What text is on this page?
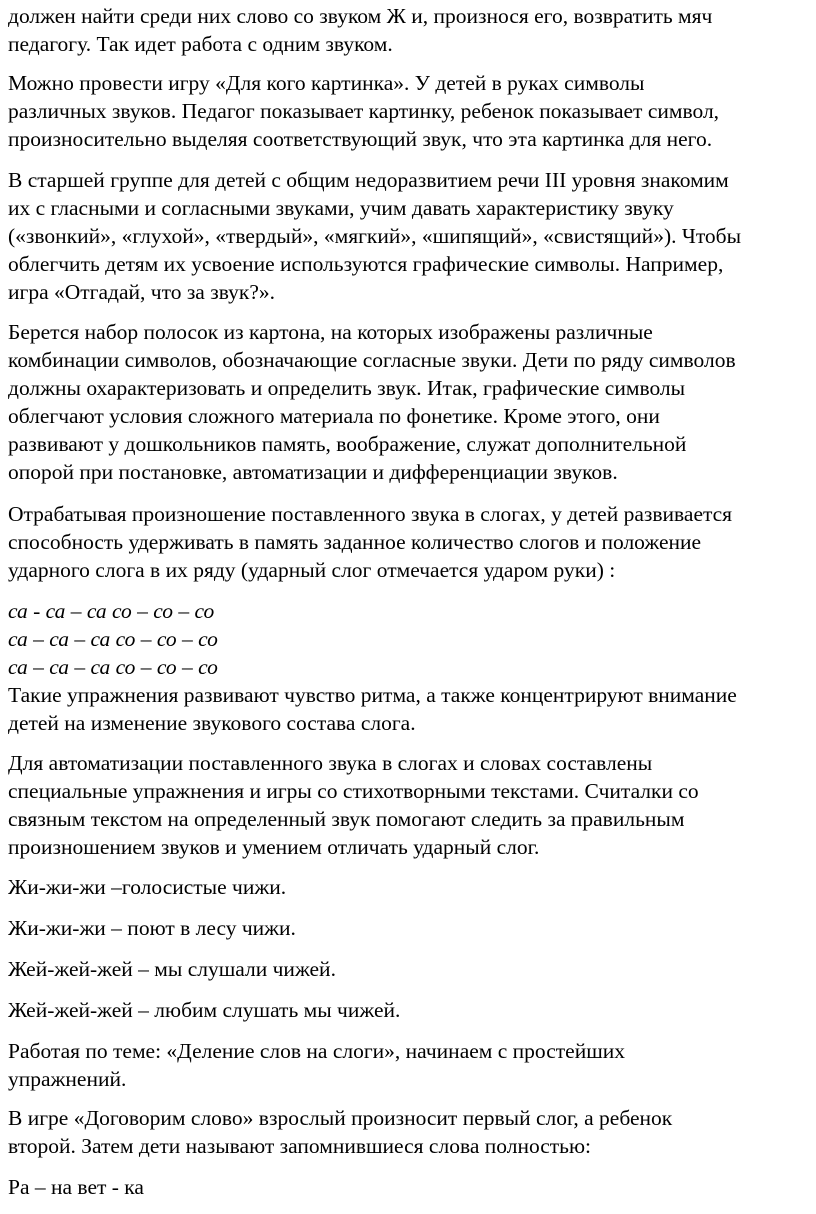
должен найти среди них слово со звуком Ж и, произнося его, возвратить мяч
педагогу. Так идет работа с одним звуком.

Можно провести игру «Для кого картинка». У детей в руках символы
различных звуков. Педагог показывает картинку, ребенок показывает символ,
произносительно выделяя соответствующий звук, что эта картинка для него.

В старшей группе для детей с общим недоразвитием речи III уровня знакомим
их с гласными и согласными звуками, учим давать характеристику звуку
(«звонкий», «глухой», «твердый», «мягкий», «шипящий», «свистящий»). Чтобы
облегчить детям их усвоение используются графические символы. Например,
игра «Отгадай, что за звук?».

Берется набор полосок из картона, на которых изображены различные
комбинации символов, обозначающие согласные звуки. Дети по ряду символов
должны охарактеризовать и определить звук. Итак, графические символы
облегчают условия сложного материала по фонетике. Кроме этого, они
развивают у дошкольников память, воображение, служат дополнительной
опорой при постановке, автоматизации и дифференциации звуков.

Отрабатывая произношение поставленного звука в слогах, у детей развивается
способность удерживать в память заданное количество слогов и положение
ударного слога в их ряду (ударный слог отмечается ударом руки) :

са - са – са со – со – со
са – са – са со – со – со
са – са – са со – со – со

Такие упражнения развивают чувство ритма, а также концентрируют внимание
детей на изменение звукового состава слога.

Для автоматизации поставленного звука в слогах и словах составлены
специальные упражнения и игры со стихотворными текстами. Считалки со
связным текстом на определенный звук помогают следить за правильным
произношением звуков и умением отличать ударный слог.

Жи-жи-жи –голосистые чижи.

Жи-жи-жи – поют в лесу чижи.

Жей-жей-жей – мы слушали чижей.

Жей-жей-жей – любим слушать мы чижей.

Работая по теме: «Деление слов на слоги», начинаем с простейших
упражнений.

В игре «Договорим слово» взрослый произносит первый слог, а ребенок
второй. Затем дети называют запомнившиеся слова полностью:

Ра – на вет - ка
